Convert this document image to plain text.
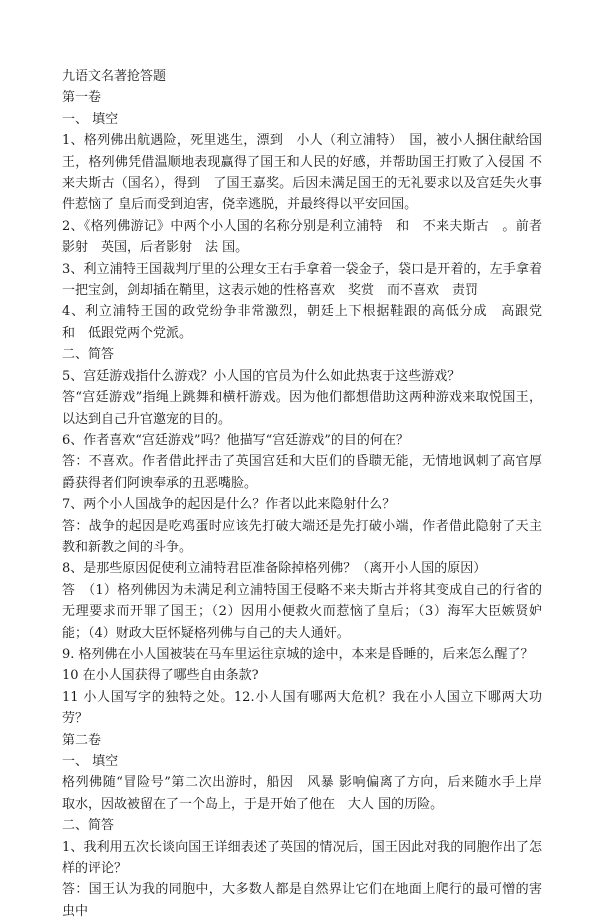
九语文名著抢答题

第一卷

一、 填空

1、格列佛出航遇险，死里逃生，漂到　小人（利立浦特）　国，被小人捆住献给国王，格列佛凭借温顺地表现赢得了国王和人民的好感，并帮助国王打败了入侵国 不来夫斯古（国名），得到　了国王嘉奖。后因未满足国王的无礼要求以及宫廷失火事件惹恼了 皇后而受到迫害，侥幸逃脱，并最终得以平安回国。

2、《格列佛游记》中两个小人国的名称分别是利立浦特　和　不来夫斯古　。前者影射　英国，后者影射　法 国。

3、利立浦特王国裁判厅里的公理女王右手拿着一袋金子，袋口是开着的，左手拿着一把宝剑，剑却插在鞘里，这表示她的性格喜欢　奖赏　而不喜欢　责罚

4、利立浦特王国的政党纷争非常激烈，朝廷上下根据鞋跟的高低分成　高跟党　 和　低跟党两个党派。

二、简答

5、宫廷游戏指什么游戏？小人国的官员为什么如此热衷于这些游戏？

答“宫廷游戏”指绳上跳舞和横杆游戏。因为他们都想借助这两种游戏来取悦国王，以达到自己升官邀宠的目的。

6、作者喜欢“宫廷游戏”吗？他描写“宫廷游戏”的目的何在？

答：不喜欢。作者借此抨击了英国宫廷和大臣们的昏聩无能，无情地讽刺了高官厚爵获得者们阿谀奉承的丑恶嘴脸。

7、两个小人国战争的起因是什么？作者以此来隐射什么？

答：战争的起因是吃鸡蛋时应该先打破大端还是先打破小端，作者借此隐射了天主教和新教之间的斗争。

8、是那些原因促使利立浦特君臣准备除掉格列佛？（离开小人国的原因）

答　（1）格列佛因为未满足利立浦特国王侵略不来夫斯古并将其变成自己的行省的无理要求而开罪了国王；（2）因用小便救火而惹恼了皇后；（3）海军大臣嫉贤妒能；（4）财政大臣怀疑格列佛与自己的夫人通奸。

9. 格列佛在小人国被装在马车里运往京城的途中，本来是昏睡的，后来怎么醒了？

10 在小人国获得了哪些自由条款?

11 小人国写字的独特之处。12.小人国有哪两大危机？我在小人国立下哪两大功劳？

第二卷

一、 填空

格列佛随“冒险号”第二次出游时，船因　风暴 影响偏离了方向，后来随水手上岸　取水，因故被留在了一个岛上，于是开始了他在　大人 国的历险。

二、简答

1、我利用五次长谈向国王详细表述了英国的情况后，国王因此对我的同胞作出了怎样的评论？

答：国王认为我的同胞中，大多数人都是自然界让它们在地面上爬行的最可憎的害虫中
